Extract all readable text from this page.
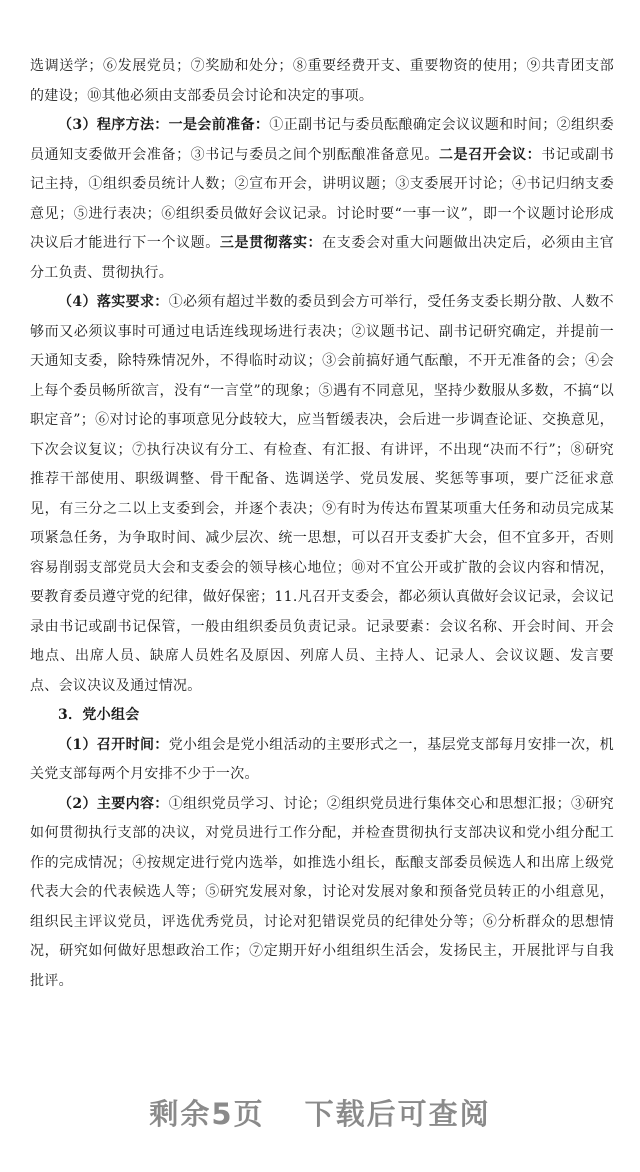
选调送学；⑥发展党员；⑦奖励和处分；⑧重要经费开支、重要物资的使用；⑨共青团支部的建设；⑩其他必须由支部委员会讨论和决定的事项。

（3）程序方法：一是会前准备：①正副书记与委员酝酿确定会议议题和时间；②组织委员通知支委做开会准备；③书记与委员之间个别酝酿准备意见。二是召开会议：书记或副书记主持，①组织委员统计人数；②宣布开会，讲明议题；③支委展开讨论；④书记归纳支委意见；⑤进行表决；⑥组织委员做好会议记录。讨论时要“一事一议”，即一个议题讨论形成决议后才能进行下一个议题。三是贯彻落实：在支委会对重大问题做出决定后，必须由主官分工负责、贯彻执行。

（4）落实要求：①必须有超过半数的委员到会方可举行，受任务支委长期分散、人数不够而又必须议事时可通过电话连线现场进行表决；②议题书记、副书记研究确定，并提前一天通知支委，除特殊情况外，不得临时动议；③会前搞好通气酝酿，不开无准备的会；④会上每个委员畅所欲言，没有“一言堂”的现象；⑤遇有不同意见，坚持少数服从多数，不搞“以职定音”；⑥对讨论的事项意见分歧较大，应当暂缓表决，会后进一步调查论证、交换意见，下次会议复议；⑦执行决议有分工、有检查、有汇报、有讲评，不出现“决而不行”；⑧研究推荐干部使用、职级调整、骨干配备、选调送学、党员发展、奖惩等事项，要广泛征求意见，有三分之二以上支委到会，并逐个表决；⑨有时为传达布置某项重大任务和动员完成某项紧急任务，为争取时间、减少层次、统一思想，可以召开支委扩大会，但不宜多开，否则容易削弱支部党员大会和支委会的领导核心地位；⑩对不宜公开或扩散的会议内容和情况，要教育委员遵守党的纪律，做好保密；11.凡召开支委会，都必须认真做好会议记录，会议记录由书记或副书记保管，一般由组织委员负责记录。记录要素：会议名称、开会时间、开会地点、出席人员、缺席人员姓名及原因、列席人员、主持人、记录人、会议议题、发言要点、会议决议及通过情况。

3．党小组会

（1）召开时间：党小组会是党小组活动的主要形式之一，基层党支部每月安排一次，机关党支部每两个月安排不少于一次。

（2）主要内容：①组织党员学习、讨论；②组织党员进行集体交心和思想汇报；③研究如何贯彻执行支部的决议，对党员进行工作分配，并检查贯彻执行支部决议和党小组分配工作的完成情况；④按规定进行党内选举，如推选小组长，酝酿支部委员候选人和出席上级党代表大会的代表候选人等；⑤研究发展对象，讨论对发展对象和预备党员转正的小组意见，组织民主评议党员，评选优秀党员，讨论对犯错误党员的纪律处分等；⑥分析群众的思想情况，研究如何做好思想政治工作；⑦定期开好小组组织生活会，发扬民主，开展批评与自我批评。

剩余5页 下载后可查阅
